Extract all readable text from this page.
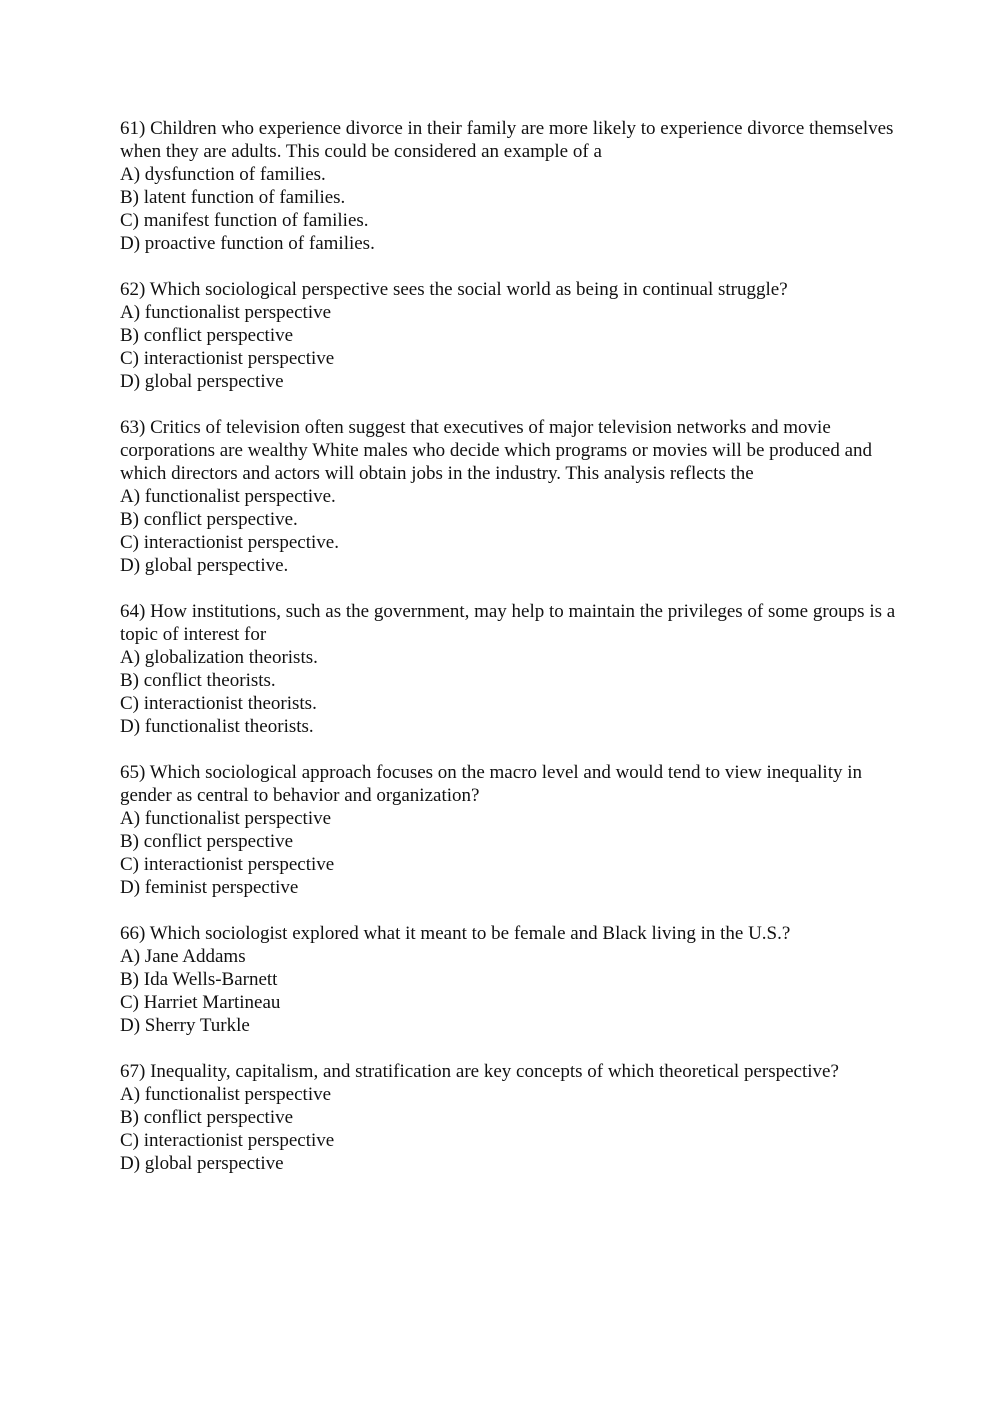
61) Children who experience divorce in their family are more likely to experience divorce themselves when they are adults. This could be considered an example of a

A) dysfunction of families.
B) latent function of families.
C) manifest function of families.
D) proactive function of families.

62) Which sociological perspective sees the social world as being in continual struggle?

A) functionalist perspective
B) conflict perspective
C) interactionist perspective
D) global perspective

63) Critics of television often suggest that executives of major television networks and movie corporations are wealthy White males who decide which programs or movies will be produced and which directors and actors will obtain jobs in the industry. This analysis reflects the

A) functionalist perspective.
B) conflict perspective.
C) interactionist perspective.
D) global perspective.

64) How institutions, such as the government, may help to maintain the privileges of some groups is a topic of interest for

A) globalization theorists.
B) conflict theorists.
C) interactionist theorists.
D) functionalist theorists.

65) Which sociological approach focuses on the macro level and would tend to view inequality in gender as central to behavior and organization?

A) functionalist perspective
B) conflict perspective
C) interactionist perspective
D) feminist perspective

66) Which sociologist explored what it meant to be female and Black living in the U.S.?

A) Jane Addams
B) Ida Wells-Barnett
C) Harriet Martineau
D) Sherry Turkle

67) Inequality, capitalism, and stratification are key concepts of which theoretical perspective?

A) functionalist perspective
B) conflict perspective
C) interactionist perspective
D) global perspective
